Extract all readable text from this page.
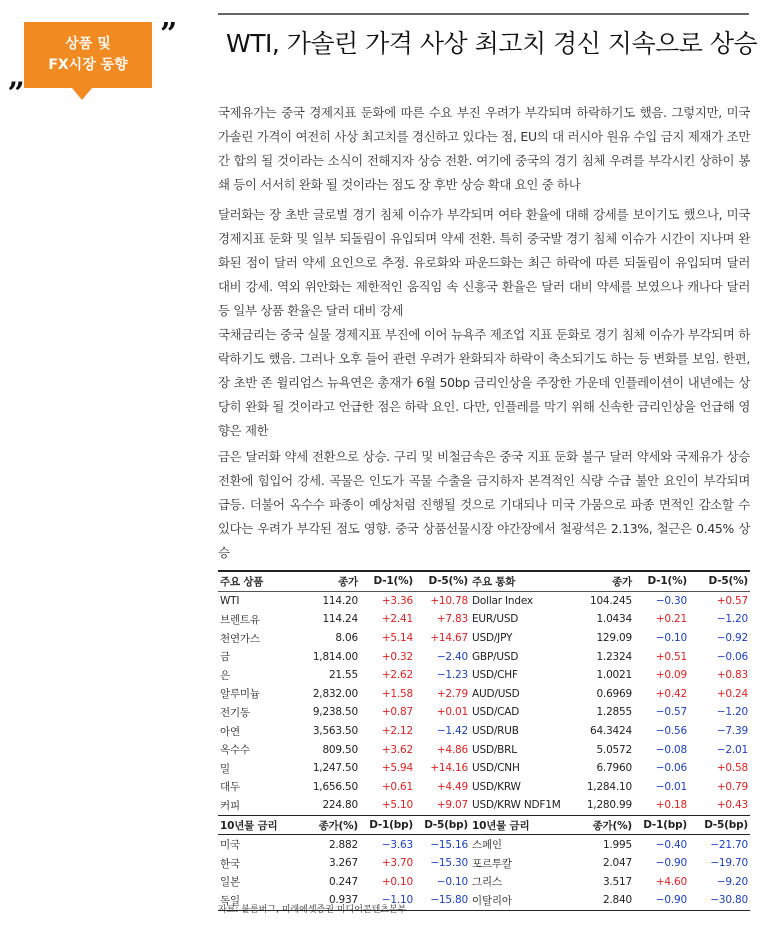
”
상품 및
FX시장 동향
„
WTI, 가솔린 가격 사상 최고치 경신 지속으로 상승

국제유가는 중국 경제지표 둔화에 따른 수요 부진 우려가 부각되며 하락하기도 했음. 그렇지만, 미국 가솔린 가격이 여전히 사상 최고치를 경신하고 있다는 점, EU의 대 러시아 원유 수입 금지 제재가 조만간 합의 될 것이라는 소식이 전해지자 상승 전환. 여기에 중국의 경기 침체 우려를 부각시킨 상하이 봉쇄 등이 서서히 완화 될 것이라는 점도 장 후반 상승 확대 요인 중 하나

달러화는 장 초반 글로벌 경기 침체 이슈가 부각되며 여타 환율에 대해 강세를 보이기도 했으나, 미국 경제지표 둔화 및 일부 되돌림이 유입되며 약세 전환. 특히 중국발 경기 침체 이슈가 시간이 지나며 완화된 점이 달러 약세 요인으로 추정. 유로화와 파운드화는 최근 하락에 따른 되돌림이 유입되며 달러 대비 강세. 역외 위안화는 제한적인 움직임 속 신흥국 환율은 달러 대비 약세를 보였으나 캐나다 달러 등 일부 상품 환율은 달러 대비 강세

국채금리는 중국 실물 경제지표 부진에 이어 뉴욕주 제조업 지표 둔화로 경기 침체 이슈가 부각되며 하락하기도 했음. 그러나 오후 들어 관련 우려가 완화되자 하락이 축소되기도 하는 등 변화를 보임. 한편, 장 초반 존 윌리엄스 뉴욕연은 총재가 6월 50bp 금리인상을 주장한 가운데 인플레이션이 내년에는 상당히 완화 될 것이라고 언급한 점은 하락 요인. 다만, 인플레를 막기 위해 신속한 금리인상을 언급해 영향은 제한

금은 달러화 약세 전환으로 상승. 구리 및 비철금속은 중국 지표 둔화 불구 달러 약세와 국제유가 상승 전환에 힘입어 강세. 곡물은 인도가 곡물 수출을 금지하자 본격적인 식량 수급 불안 요인이 부각되며 급등. 더불어 옥수수 파종이 예상처럼 진행될 것으로 기대되나 미국 가뭄으로 파종 면적인 감소할 수 있다는 우려가 부각된 점도 영향. 중국 상품선물시장 야간장에서 철광석은 2.13%, 철근은 0.45% 상승

주요 상품	종가	D-1(%)	D-5(%)	주요 통화	종가	D-1(%)	D-5(%)
WTI	114.20	+3.36	+10.78	Dollar Index	104.245	−0.30	+0.57
브렌트유	114.24	+2.41	+7.83	EUR/USD	1.0434	+0.21	−1.20
천연가스	8.06	+5.14	+14.67	USD/JPY	129.09	−0.10	−0.92
금	1,814.00	+0.32	−2.40	GBP/USD	1.2324	+0.51	−0.06
은	21.55	+2.62	−1.23	USD/CHF	1.0021	+0.09	+0.83
알루미늄	2,832.00	+1.58	+2.79	AUD/USD	0.6969	+0.42	+0.24
전기동	9,238.50	+0.87	+0.01	USD/CAD	1.2855	−0.57	−1.20
아연	3,563.50	+2.12	−1.42	USD/RUB	64.3424	−0.56	−7.39
옥수수	809.50	+3.62	+4.86	USD/BRL	5.0572	−0.08	−2.01
밀	1,247.50	+5.94	+14.16	USD/CNH	6.7960	−0.06	+0.58
대두	1,656.50	+0.61	+4.49	USD/KRW	1,284.10	−0.01	+0.79
커피	224.80	+5.10	+9.07	USD/KRW NDF1M	1,280.99	+0.18	+0.43
10년물 금리	종가(%)	D-1(bp)	D-5(bp)	10년물 금리	종가(%)	D-1(bp)	D-5(bp)
미국	2.882	−3.63	−15.16	스페인	1.995	−0.40	−21.70
한국	3.267	+3.70	−15.30	포르투칼	2.047	−0.90	−19.70
일본	0.247	+0.10	−0.10	그리스	3.517	+4.60	−9.20
독일	0.937	−1.10	−15.80	이탈리아	2.840	−0.90	−30.80
자료: 블룸버그, 미래에셋증권 미디어콘텐츠본부
